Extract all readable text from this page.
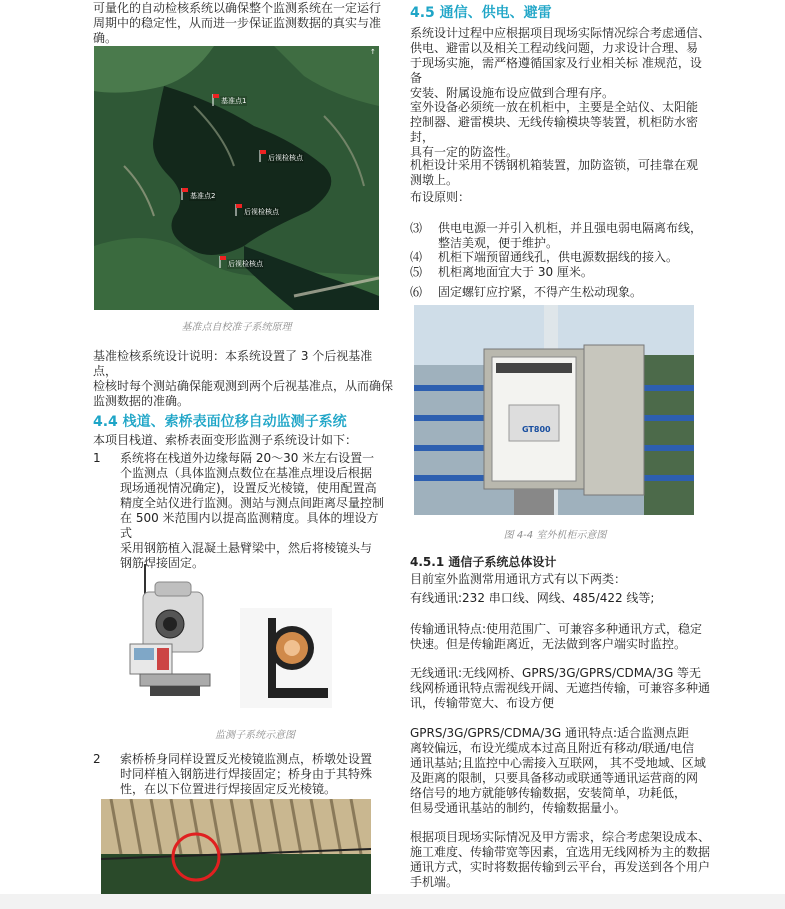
可量化的自动检核系统以确保整个监测系统在一定运行
周期中的稳定性，从而进一步保证监测数据的真实与准
确。
↑
基准点1
后视检核点
基准点2
后视检核点
后视检核点
基准点自校准子系统原理
基准检核系统设计说明：本系统设置了 3 个后视基准点，
检核时每个测站确保能观测到两个后视基准点，从而确保
监测数据的准确。
4.4 栈道、索桥表面位移自动监测子系统
本项目栈道、索桥表面变形监测子系统设计如下：
1 系统将在栈道外边缘每隔 20～30 米左右设置一
个监测点（具体监测点数位在基准点埋设后根据
现场通视情况确定)，设置反光棱镜，使用配置高
精度全站仪进行监测。测站与测点间距离尽量控制
在 500 米范围内以提高监测精度。具体的埋设方式
采用钢筋植入混凝土悬臂梁中，然后将棱镜头与
钢筋焊接固定。
监测子系统示意图
2 索桥桥身同样设置反光棱镜监测点，桥墩处设置
时同样植入钢筋进行焊接固定；桥身由于其特殊
性，在以下位置进行焊接固定反光棱镜。
4.5 通信、供电、避雷
系统设计过程中应根据项目现场实际情况综合考虑通信、
供电、避雷以及相关工程动线问题，力求设计合理、易
于现场实施，需严格遵循国家及行业相关标 准规范，设备
安装、附属设施布设应做到合理有序。
室外设备必须统一放在机柜中，主要是全站仪、太阳能
控制器、避雷模块、无线传输模块等装置，机柜防水密封，
具有一定的防盗性。
机柜设计采用不锈钢机箱装置，加防盗锁，可挂靠在观
测墩上。
布设原则：
⑶ 供电电源一并引入机柜，并且强电弱电隔离布线，
整洁美观，便于维护。
⑷ 机柜下端预留通线孔，供电源数据线的接入。
⑸ 机柜离地面宜大于 30 厘米。
⑹ 固定螺钉应拧紧，不得产生松动现象。
GT800
图 4-4 室外机柜示意图
4.5.1 通信子系统总体设计
目前室外监测常用通讯方式有以下两类：
有线通讯:232 串口线、网线、485/422 线等;
传输通讯特点:使用范围广、可兼容多种通讯方式，稳定
快速。但是传输距离近，无法做到客户端实时监控。
无线通讯:无线网桥、GPRS/3G/GPRS/CDMA/3G 等无
线网桥通讯特点需视线开阔、无遮挡传输，可兼容多种通
讯，传输带宽大、布设方便
GPRS/3G/GPRS/CDMA/3G 通讯特点:适合监测点距
离较偏远，布设光缆成本过高且附近有移动/联通/电信
通讯基站;且监控中心需接入互联网， 其不受地域、区域
及距离的限制，只要具备移动或联通等通讯运营商的网
络信号的地方就能够传输数据，安装简单，功耗低，
但易受通讯基站的制约，传输数据量小。
根据项目现场实际情况及甲方需求，综合考虑架设成本、
施工难度、传输带宽等因素，宜选用无线网桥为主的数据
通讯方式，实时将数据传输到云平台，再发送到各个用户
手机端。
